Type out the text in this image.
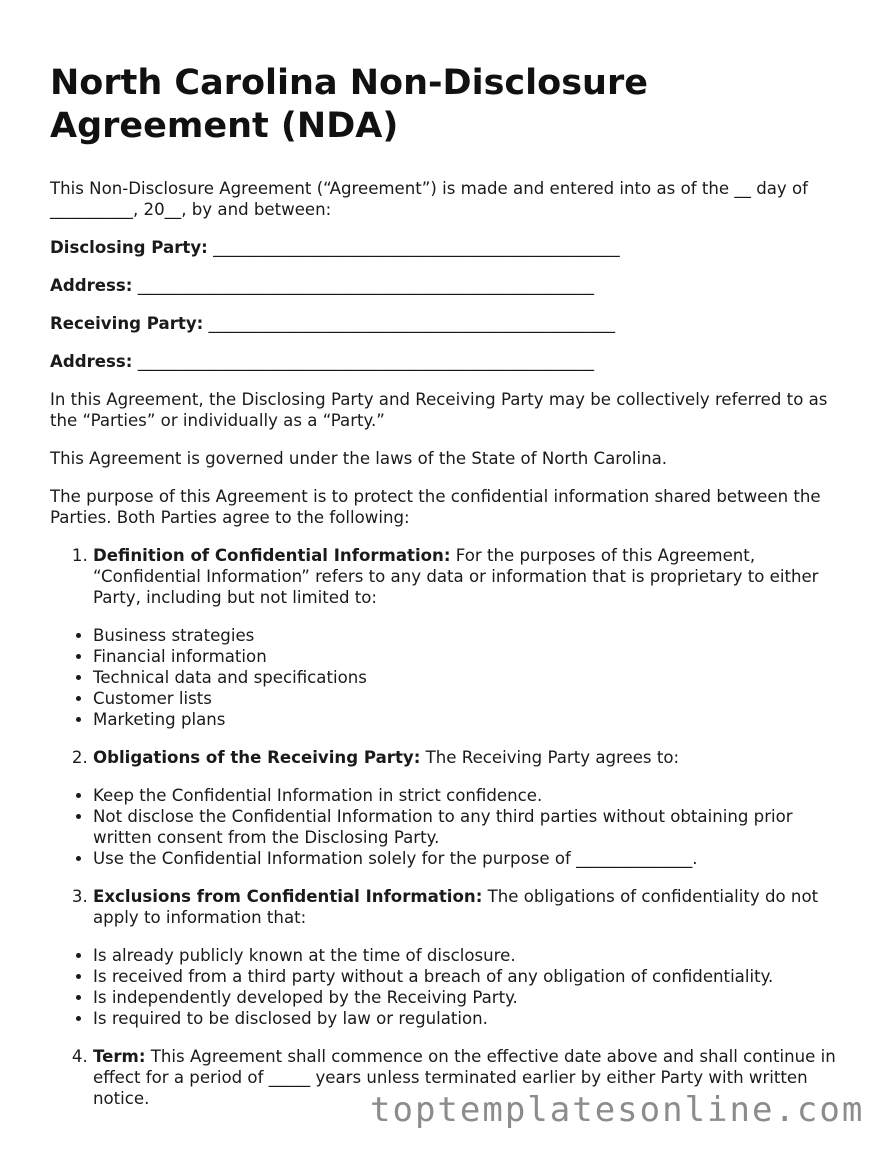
North Carolina Non-Disclosure Agreement (NDA)

This Non-Disclosure Agreement (“Agreement”) is made and entered into as of the __ day of __________, 20__, by and between:

Disclosing Party: _________________________________________________

Address: _______________________________________________________

Receiving Party: _________________________________________________

Address: _______________________________________________________

In this Agreement, the Disclosing Party and Receiving Party may be collectively referred to as the “Parties” or individually as a “Party.”

This Agreement is governed under the laws of the State of North Carolina.

The purpose of this Agreement is to protect the confidential information shared between the Parties. Both Parties agree to the following:

1. Definition of Confidential Information: For the purposes of this Agreement, “Confidential Information” refers to any data or information that is proprietary to either Party, including but not limited to:
• Business strategies
• Financial information
• Technical data and specifications
• Customer lists
• Marketing plans
2. Obligations of the Receiving Party: The Receiving Party agrees to:
• Keep the Confidential Information in strict confidence.
• Not disclose the Confidential Information to any third parties without obtaining prior written consent from the Disclosing Party.
• Use the Confidential Information solely for the purpose of ______________.
3. Exclusions from Confidential Information: The obligations of confidentiality do not apply to information that:
• Is already publicly known at the time of disclosure.
• Is received from a third party without a breach of any obligation of confidentiality.
• Is independently developed by the Receiving Party.
• Is required to be disclosed by law or regulation.
4. Term: This Agreement shall commence on the effective date above and shall continue in effect for a period of _____ years unless terminated earlier by either Party with written notice.	toptemplatesonline.com
